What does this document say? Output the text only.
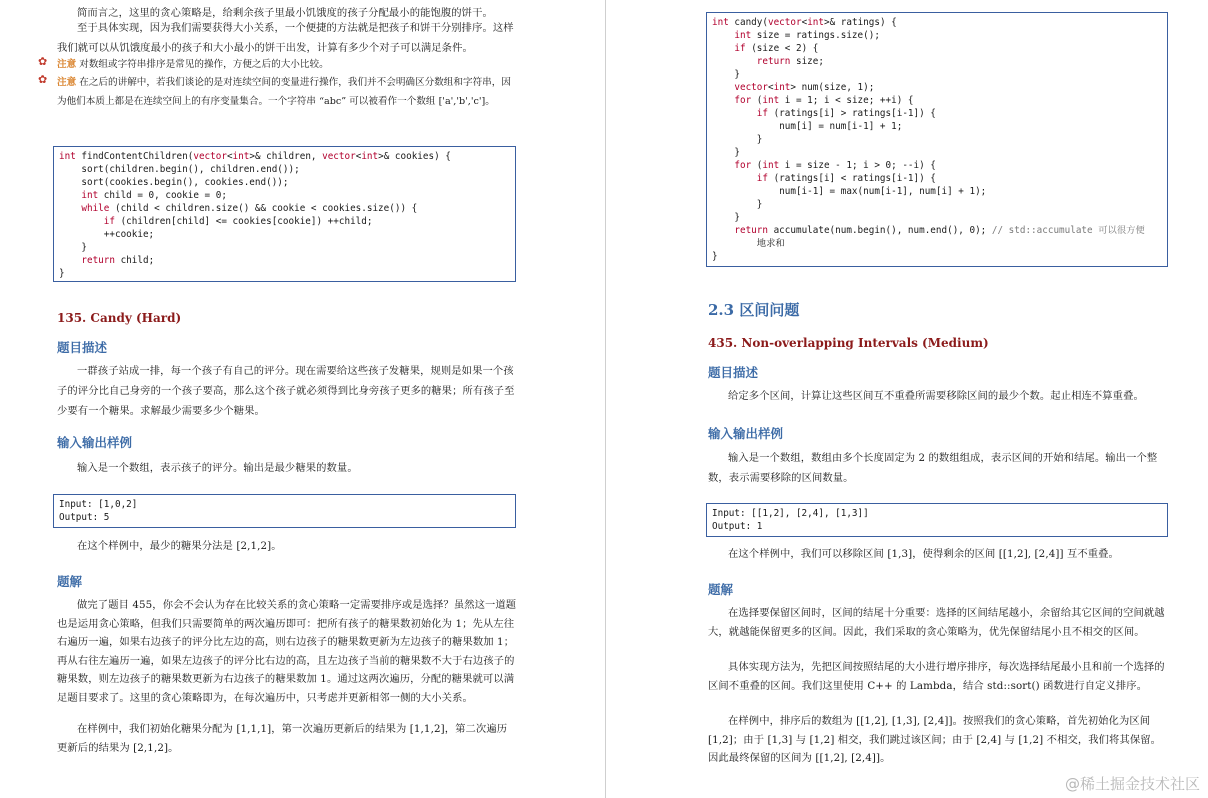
简而言之，这里的贪心策略是，给剩余孩子里最小饥饿度的孩子分配最小的能饱腹的饼干。

至于具体实现，因为我们需要获得大小关系，一个便捷的方法就是把孩子和饼干分别排序。这样我们就可以从饥饿度最小的孩子和大小最小的饼干出发，计算有多少个对子可以满足条件。

✿ 注意 对数组或字符串排序是常见的操作，方便之后的大小比较。
✿ 注意 在之后的讲解中，若我们谈论的是对连续空间的变量进行操作，我们并不会明确区分数组和字符串，因为他们本质上都是在连续空间上的有序变量集合。一个字符串 “abc” 可以被看作一个数组 ['a','b','c']。
int findContentChildren(vector<int>& children, vector<int>& cookies) {
sort(children.begin(), children.end());
sort(cookies.begin(), cookies.end());
int child = 0, cookie = 0;
while (child < children.size() && cookie < cookies.size()) {
if (children[child] <= cookies[cookie]) ++child;
++cookie;
}
return child;
}
135. Candy (Hard)
题目描述

一群孩子站成一排，每一个孩子有自己的评分。现在需要给这些孩子发糖果，规则是如果一个孩子的评分比自己身旁的一个孩子要高，那么这个孩子就必须得到比身旁孩子更多的糖果；所有孩子至少要有一个糖果。求解最少需要多少个糖果。

输入输出样例

输入是一个数组，表示孩子的评分。输出是最少糖果的数量。

Input: [1,0,2]
Output: 5

在这个样例中，最少的糖果分法是 [2,1,2]。

题解

做完了题目 455，你会不会认为存在比较关系的贪心策略一定需要排序或是选择？虽然这一道题也是运用贪心策略，但我们只需要简单的两次遍历即可：把所有孩子的糖果数初始化为 1；先从左往右遍历一遍，如果右边孩子的评分比左边的高，则右边孩子的糖果数更新为左边孩子的糖果数加 1；再从右往左遍历一遍，如果左边孩子的评分比右边的高，且左边孩子当前的糖果数不大于右边孩子的糖果数，则左边孩子的糖果数更新为右边孩子的糖果数加 1。通过这两次遍历，分配的糖果就可以满足题目要求了。这里的贪心策略即为，在每次遍历中，只考虑并更新相邻一侧的大小关系。

在样例中，我们初始化糖果分配为 [1,1,1]，第一次遍历更新后的结果为 [1,1,2]，第二次遍历更新后的结果为 [2,1,2]。

int candy(vector<int>& ratings) {
int size = ratings.size();
if (size < 2) {
return size;
}
vector<int> num(size, 1);
for (int i = 1; i < size; ++i) {
if (ratings[i] > ratings[i-1]) {
num[i] = num[i-1] + 1;
}
}
for (int i = size - 1; i > 0; --i) {
if (ratings[i] < ratings[i-1]) {
num[i-1] = max(num[i-1], num[i] + 1);
}
}
return accumulate(num.begin(), num.end(), 0); // std::accumulate 可以很方便
地求和
}
2.3 区间问题
435. Non-overlapping Intervals (Medium)
题目描述

给定多个区间，计算让这些区间互不重叠所需要移除区间的最少个数。起止相连不算重叠。

输入输出样例

输入是一个数组，数组由多个长度固定为 2 的数组组成，表示区间的开始和结尾。输出一个整数，表示需要移除的区间数量。

Input: [[1,2], [2,4], [1,3]]
Output: 1

在这个样例中，我们可以移除区间 [1,3]，使得剩余的区间 [[1,2], [2,4]] 互不重叠。

题解

在选择要保留区间时，区间的结尾十分重要：选择的区间结尾越小，余留给其它区间的空间就越大，就越能保留更多的区间。因此，我们采取的贪心策略为，优先保留结尾小且不相交的区间。

具体实现方法为，先把区间按照结尾的大小进行增序排序，每次选择结尾最小且和前一个选择的区间不重叠的区间。我们这里使用 C++ 的 Lambda，结合 std::sort() 函数进行自定义排序。

在样例中，排序后的数组为 [[1,2], [1,3], [2,4]]。按照我们的贪心策略，首先初始化为区间 [1,2]；由于 [1,3] 与 [1,2] 相交，我们跳过该区间；由于 [2,4] 与 [1,2] 不相交，我们将其保留。因此最终保留的区间为 [[1,2], [2,4]]。

@稀土掘金技术社区
